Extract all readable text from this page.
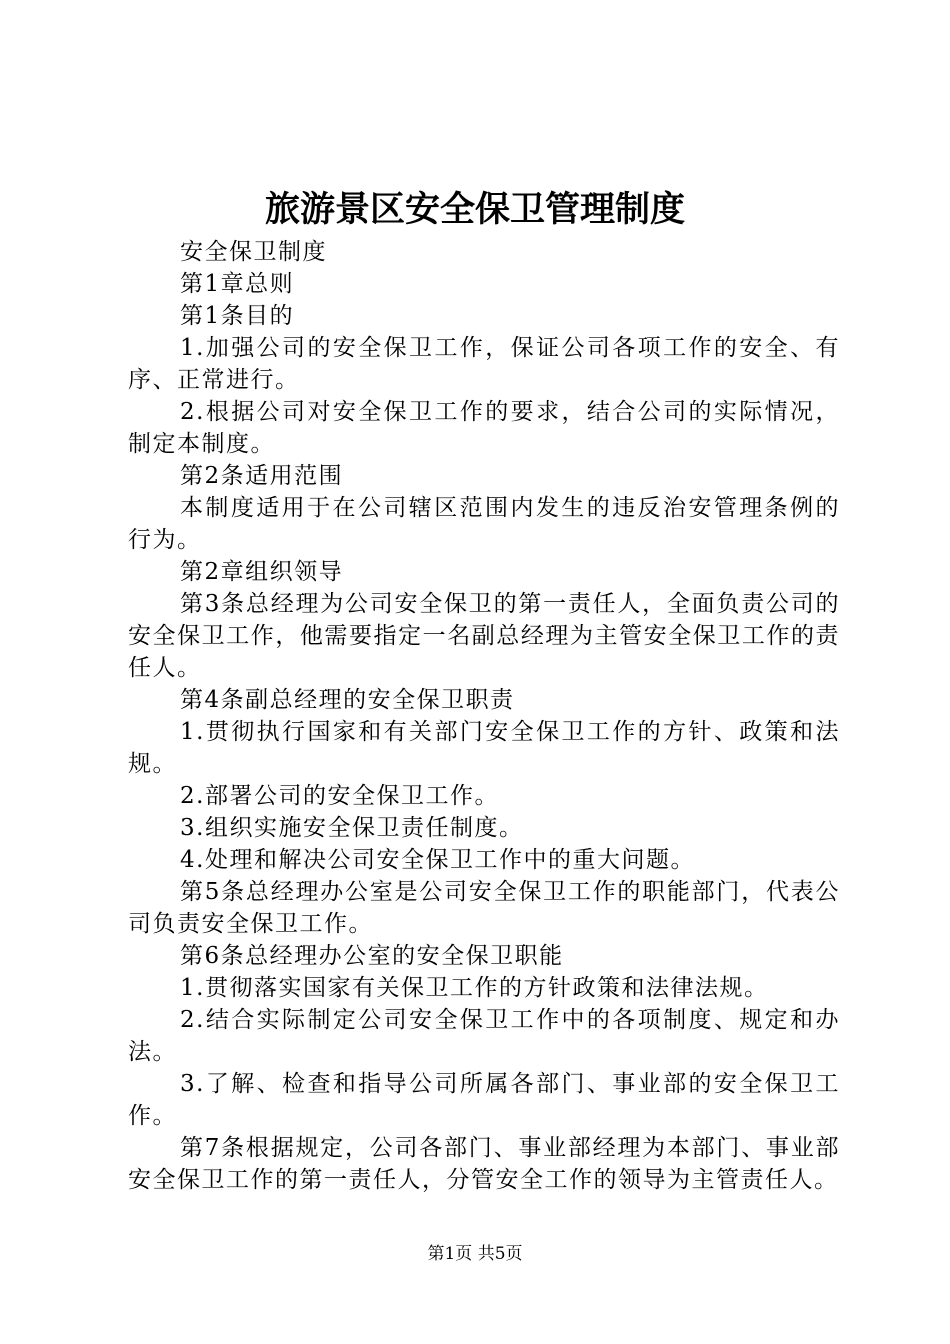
旅游景区安全保卫管理制度

安全保卫制度

第1章总则

第1条目的

1.加强公司的安全保卫工作，保证公司各项工作的安全、有序、正常进行。

2.根据公司对安全保卫工作的要求，结合公司的实际情况，制定本制度。

第2条适用范围

本制度适用于在公司辖区范围内发生的违反治安管理条例的行为。

第2章组织领导

第3条总经理为公司安全保卫的第一责任人，全面负责公司的安全保卫工作，他需要指定一名副总经理为主管安全保卫工作的责任人。

第4条副总经理的安全保卫职责

1.贯彻执行国家和有关部门安全保卫工作的方针、政策和法规。

2.部署公司的安全保卫工作。

3.组织实施安全保卫责任制度。

4.处理和解决公司安全保卫工作中的重大问题。

第5条总经理办公室是公司安全保卫工作的职能部门，代表公司负责安全保卫工作。

第6条总经理办公室的安全保卫职能

1.贯彻落实国家有关保卫工作的方针政策和法律法规。

2.结合实际制定公司安全保卫工作中的各项制度、规定和办法。

3.了解、检查和指导公司所属各部门、事业部的安全保卫工作。

第7条根据规定，公司各部门、事业部经理为本部门、事业部安全保卫工作的第一责任人，分管安全工作的领导为主管责任人。

第1页 共5页
